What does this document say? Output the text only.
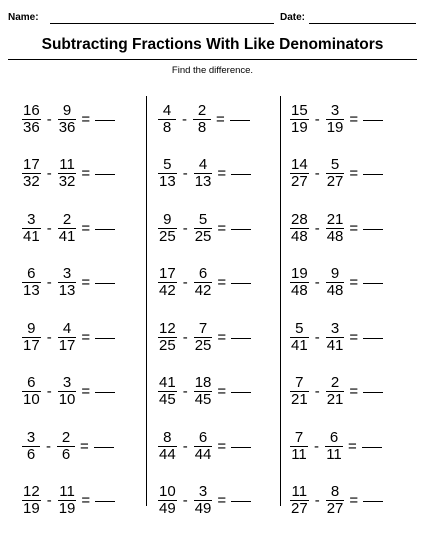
Name:	Date:
Subtracting Fractions With Like Denominators
Find the difference.
$\frac{16}{36} - \frac{9}{36}$ =
$\frac{17}{32} - \frac{11}{32}$ =
$\frac{3}{41} - \frac{2}{41}$ =
$\frac{6}{13} - \frac{3}{13}$ =
$\frac{9}{17} - \frac{4}{17}$ =
$\frac{6}{10} - \frac{3}{10}$ =
$\frac{3}{6} - \frac{2}{6}$ =
$\frac{12}{19} - \frac{11}{19}$ =
$\frac{4}{8} - \frac{2}{8}$ =
$\frac{5}{13} - \frac{4}{13}$ =
$\frac{9}{25} - \frac{5}{25}$ =
$\frac{17}{42} - \frac{6}{42}$ =
$\frac{12}{25} - \frac{7}{25}$ =
$\frac{41}{45} - \frac{18}{45}$ =
$\frac{8}{44} - \frac{6}{44}$ =
$\frac{10}{49} - \frac{3}{49}$ =
$\frac{15}{19} - \frac{3}{19}$ =
$\frac{14}{27} - \frac{5}{27}$ =
$\frac{28}{48} - \frac{21}{48}$ =
$\frac{19}{48} - \frac{9}{48}$ =
$\frac{5}{41} - \frac{3}{41}$ =
$\frac{7}{21} - \frac{2}{21}$ =
$\frac{7}{11} - \frac{6}{11}$ =
$\frac{11}{27} - \frac{8}{27}$ =
